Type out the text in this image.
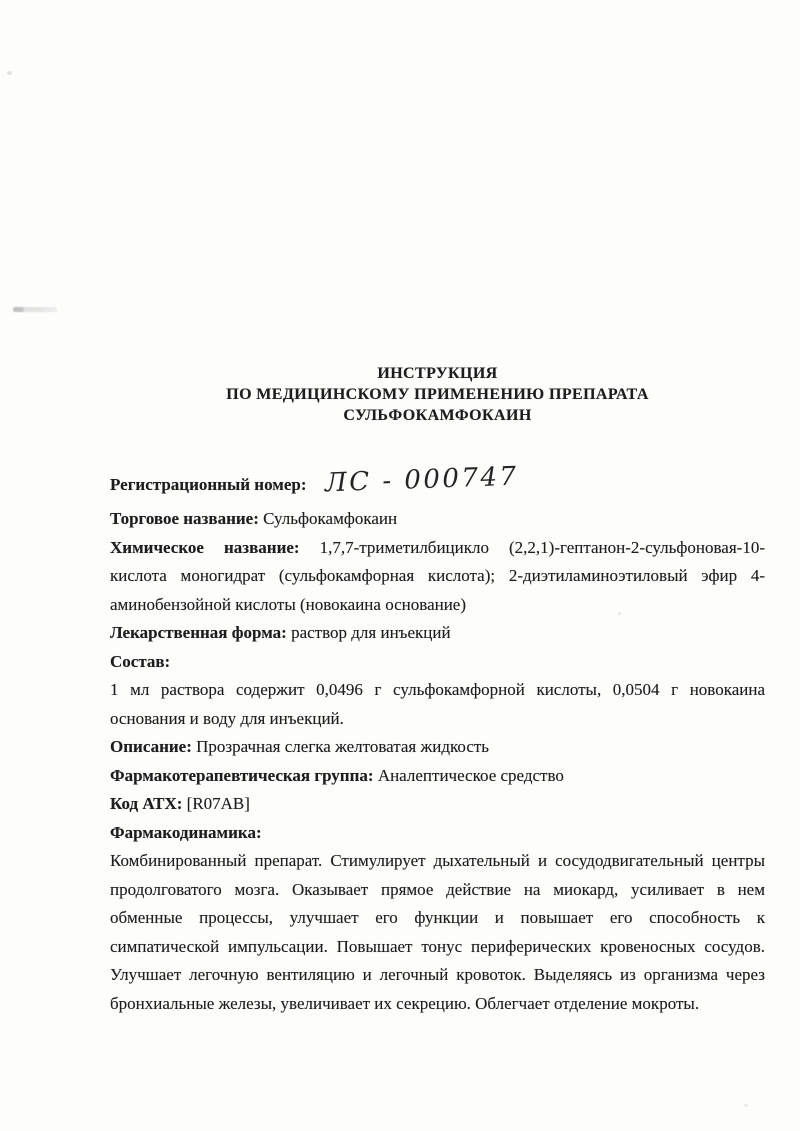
ИНСТРУКЦИЯ
ПО МЕДИЦИНСКОМУ ПРИМЕНЕНИЮ ПРЕПАРАТА
СУЛЬФОКАМФОКАИН
Регистрационный номер: ЛС - 000747

Торговое название: Сульфокамфокаин

Химическое название: 1,7,7-триметилбицикло (2,2,1)-гептанон-2-сульфоновая-10-кислота моногидрат (сульфокамфорная кислота); 2-диэтиламиноэтиловый эфир 4-аминобензойной кислоты (новокаина основание)

Лекарственная форма: раствор для инъекций

Состав:

1 мл раствора содержит 0,0496 г сульфокамфорной кислоты, 0,0504 г новокаина основания и воду для инъекций.

Описание: Прозрачная слегка желтоватая жидкость

Фармакотерапевтическая группа: Аналептическое средство

Код АТХ: [R07AB]

Фармакодинамика:

Комбинированный препарат. Стимулирует дыхательный и сосудодвигательный центры продолговатого мозга. Оказывает прямое действие на миокард, усиливает в нем обменные процессы, улучшает его функции и повышает его способность к симпатической импульсации. Повышает тонус периферических кровеносных сосудов. Улучшает легочную вентиляцию и легочный кровоток. Выделяясь из организма через бронхиальные железы, увеличивает их секрецию. Облегчает отделение мокроты.
